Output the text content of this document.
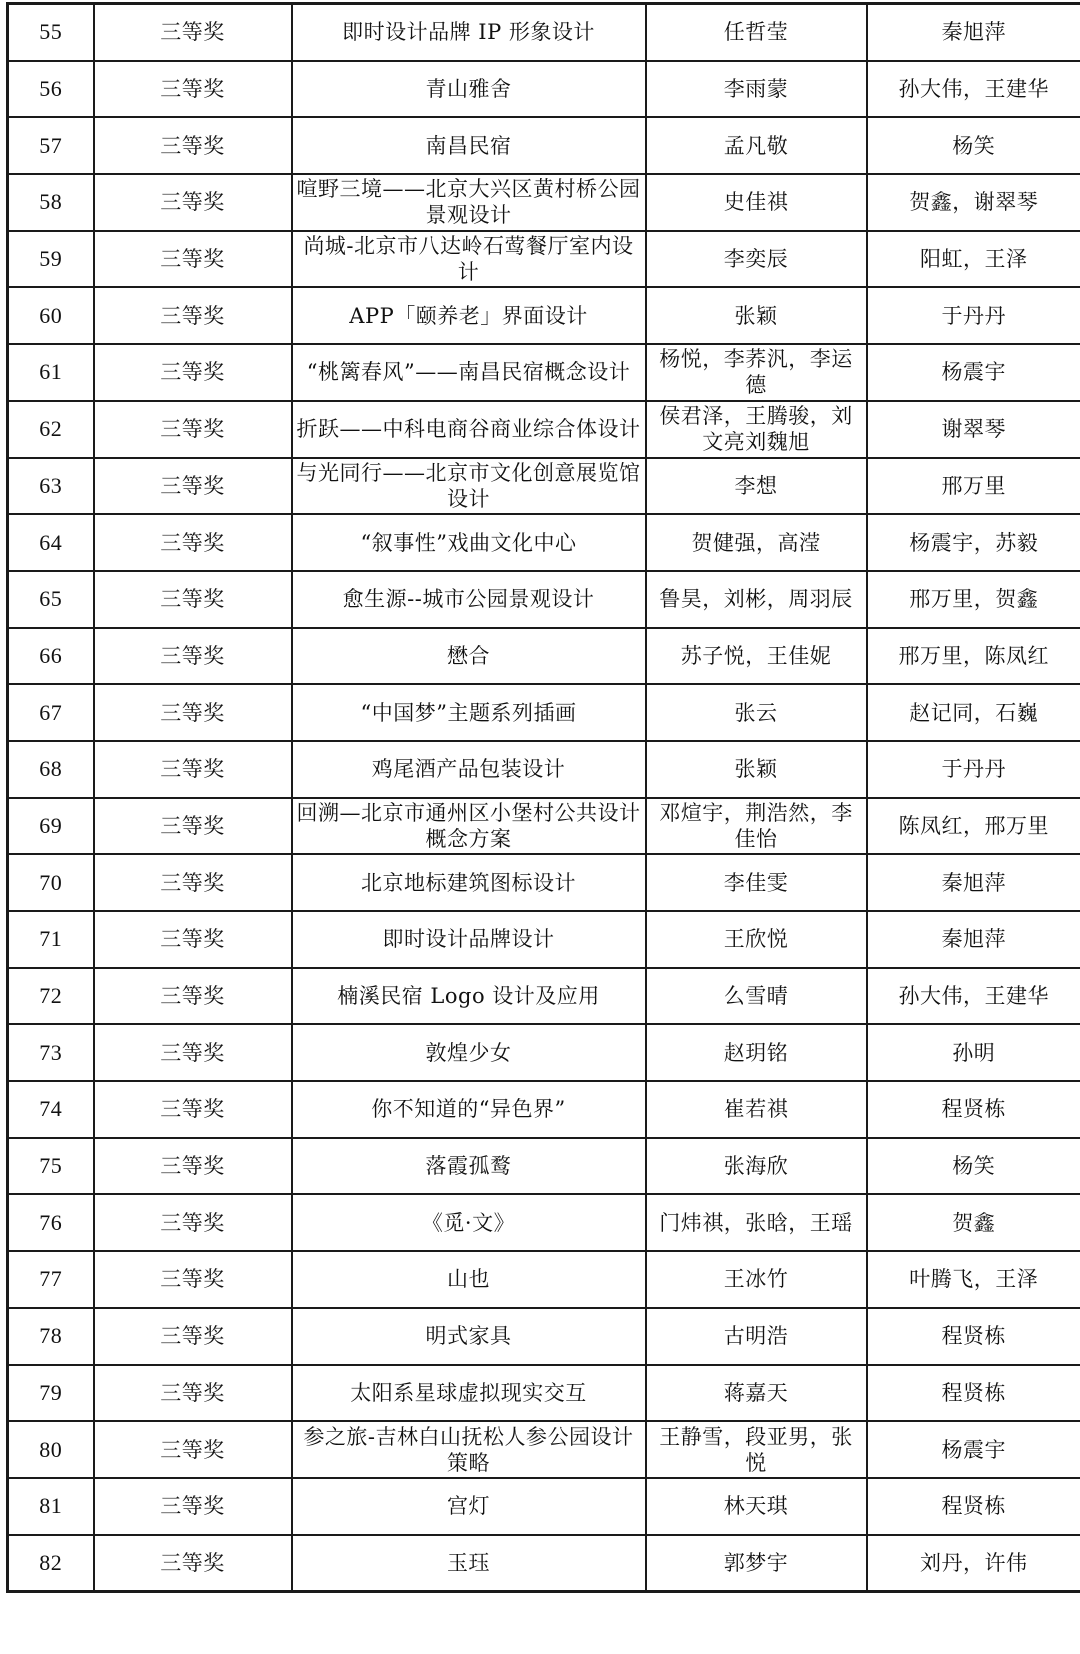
55	三等奖	即时设计品牌 IP 形象设计	任哲莹	秦旭萍
56	三等奖	青山雅舍	李雨蒙	孙大伟，王建华
57	三等奖	南昌民宿	孟凡敬	杨笑
58	三等奖	喧野三境——北京大兴区黄村桥公园景观设计	史佳祺	贺鑫，谢翠琴
59	三等奖	尚城-北京市八达岭石莺餐厅室内设计	李奕辰	阳虹，王泽
60	三等奖	APP「颐养老」界面设计	张颖	于丹丹
61	三等奖	“桃篱春风”——南昌民宿概念设计	杨悦，李荞汎，李运德	杨震宇
62	三等奖	折跃——中科电商谷商业综合体设计	侯君泽，王腾骏，刘文亮刘魏旭	谢翠琴
63	三等奖	与光同行——北京市文化创意展览馆设计	李想	邢万里
64	三等奖	“叙事性”戏曲文化中心	贺健强，高滢	杨震宇，苏毅
65	三等奖	愈生源--城市公园景观设计	鲁昊，刘彬，周羽辰	邢万里，贺鑫
66	三等奖	懋合	苏子悦，王佳妮	邢万里，陈凤红
67	三等奖	“中国梦”主题系列插画	张云	赵记同，石巍
68	三等奖	鸡尾酒产品包装设计	张颖	于丹丹
69	三等奖	回溯—北京市通州区小堡村公共设计概念方案	邓煊宇，荆浩然，李佳怡	陈凤红，邢万里
70	三等奖	北京地标建筑图标设计	李佳雯	秦旭萍
71	三等奖	即时设计品牌设计	王欣悦	秦旭萍
72	三等奖	楠溪民宿 Logo 设计及应用	么雪晴	孙大伟，王建华
73	三等奖	敦煌少女	赵玥铭	孙明
74	三等奖	你不知道的“异色界”	崔若祺	程贤栋
75	三等奖	落霞孤鹜	张海欣	杨笑
76	三等奖	《觅·文》	门炜祺，张晗，王瑶	贺鑫
77	三等奖	山也	王冰竹	叶腾飞，王泽
78	三等奖	明式家具	古明浩	程贤栋
79	三等奖	太阳系星球虚拟现实交互	蒋嘉天	程贤栋
80	三等奖	参之旅-吉林白山抚松人参公园设计策略	王静雪，段亚男，张悦	杨震宇
81	三等奖	宫灯	林天琪	程贤栋
82	三等奖	玉珏	郭梦宇	刘丹，许伟
